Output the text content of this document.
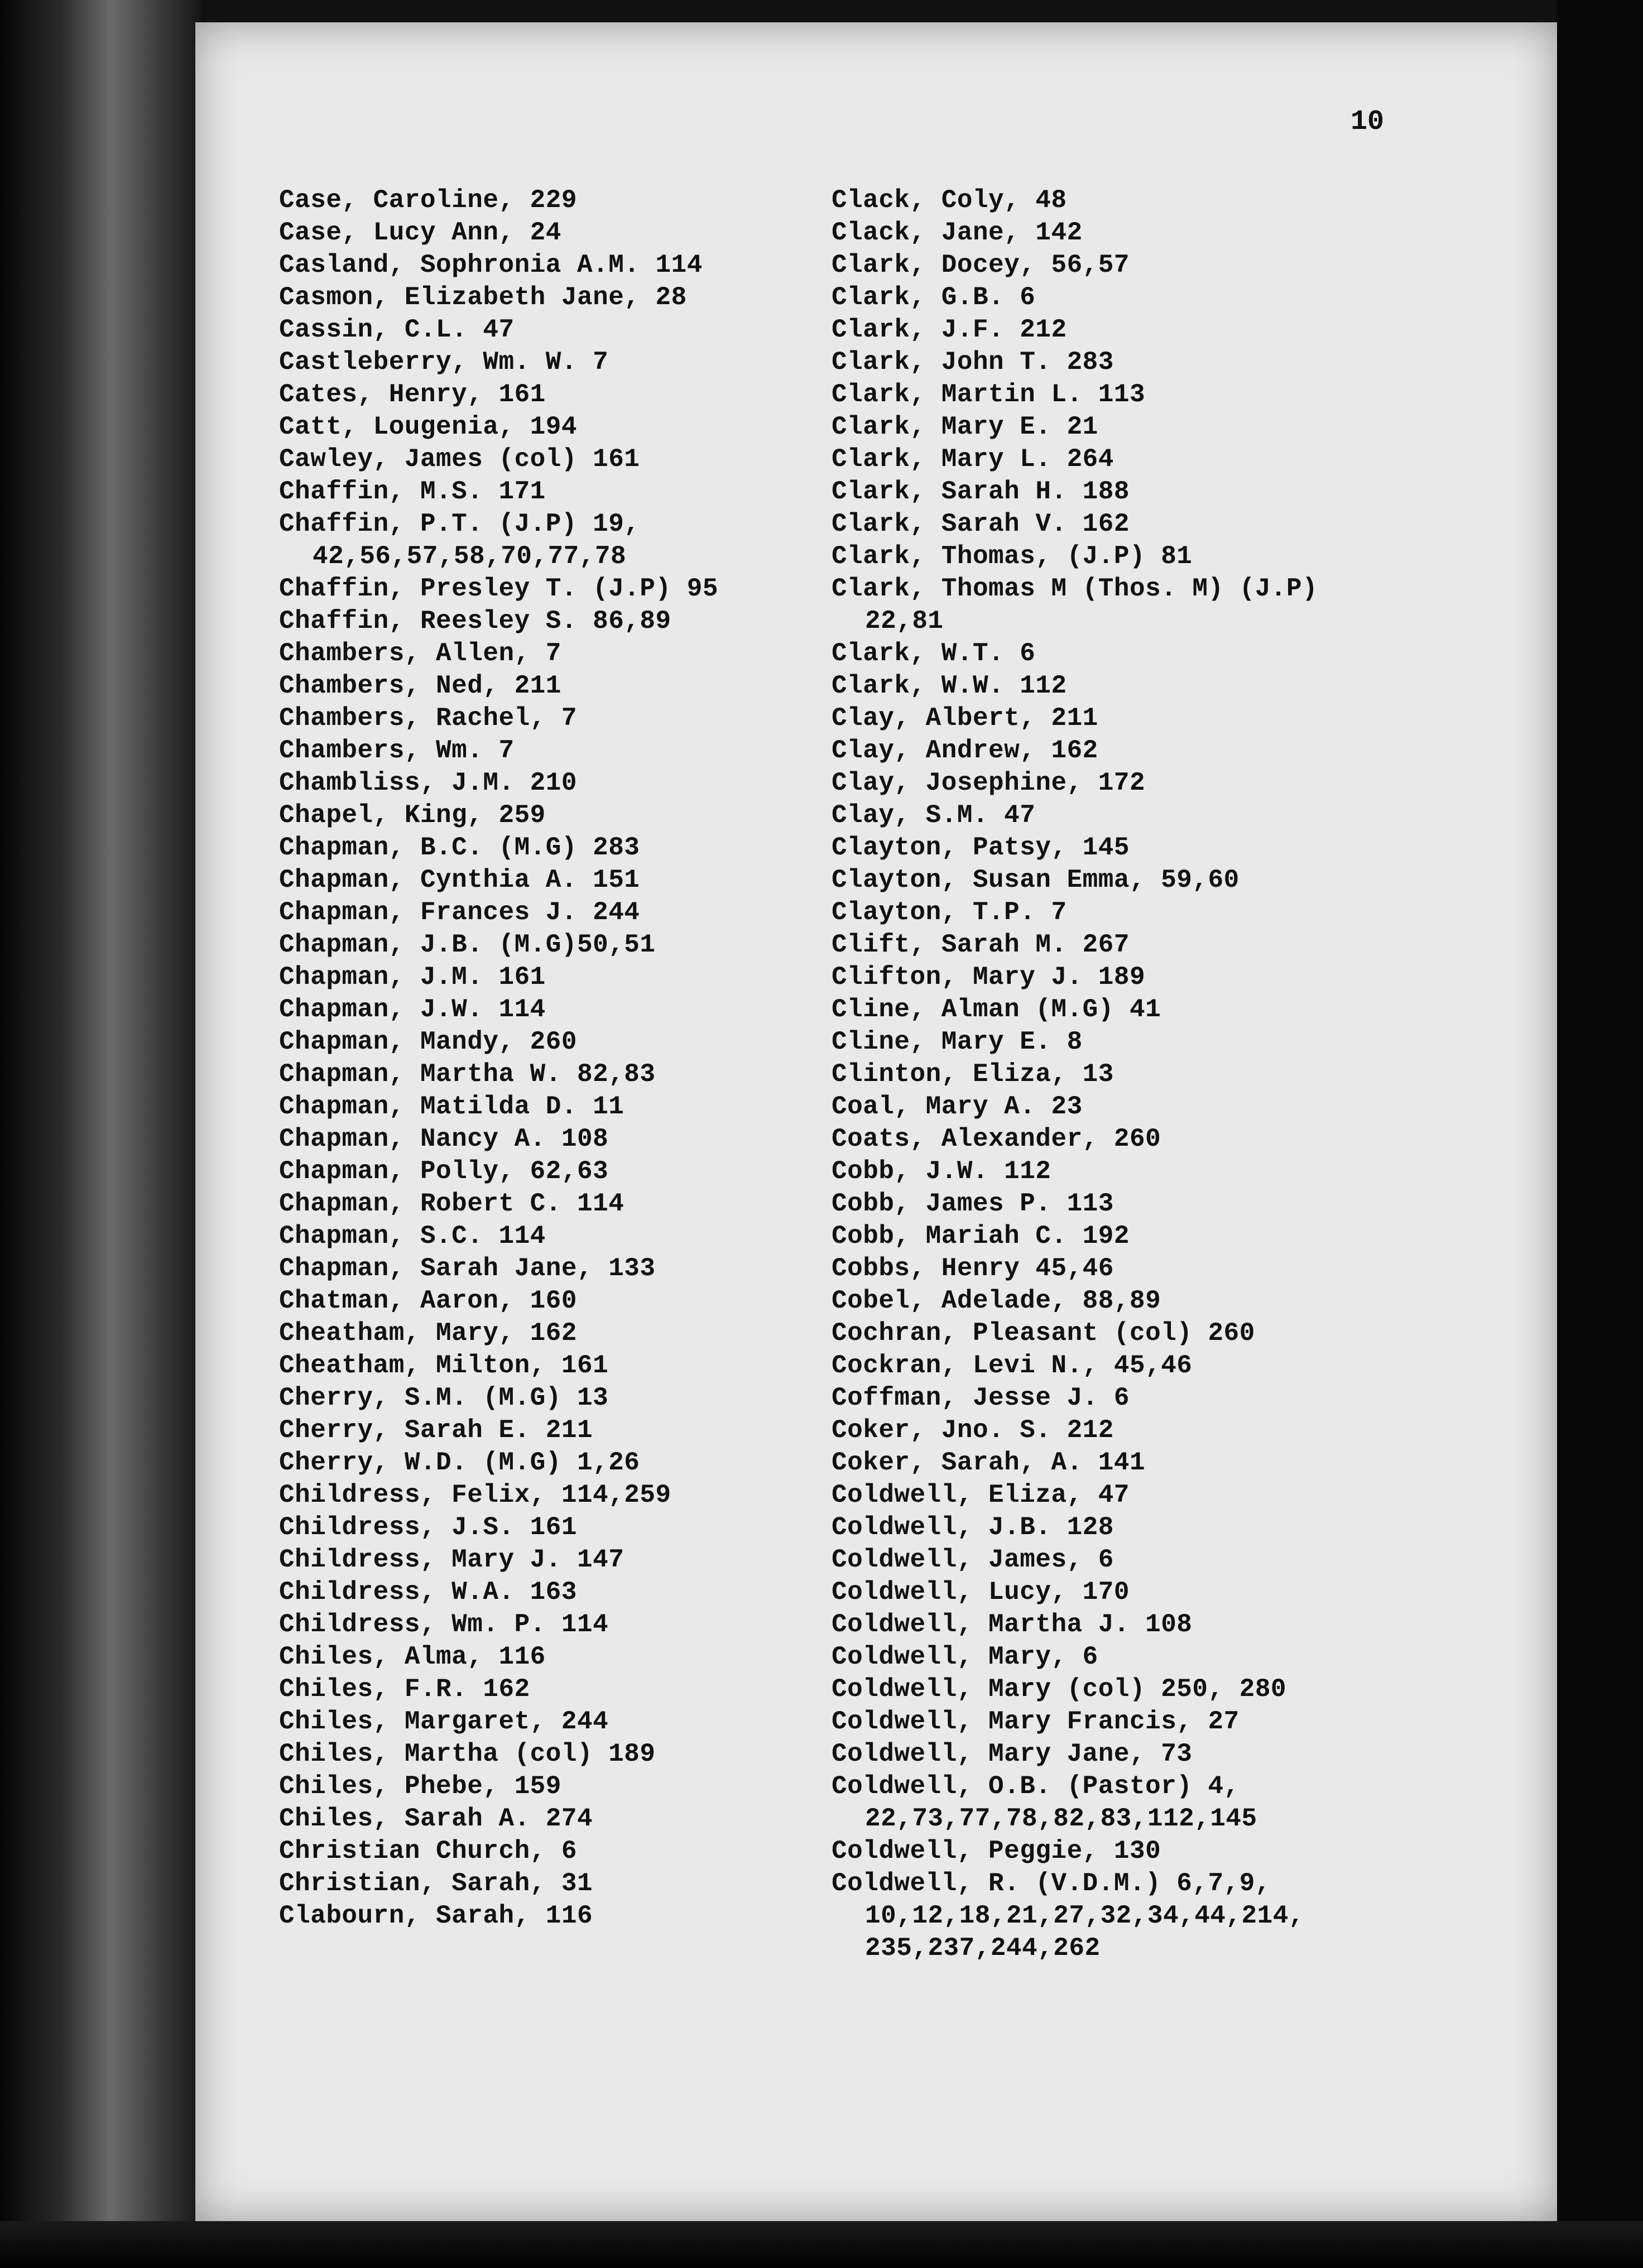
10
Case, Caroline, 229
Case, Lucy Ann, 24
Casland, Sophronia A.M. 114
Casmon, Elizabeth Jane, 28
Cassin, C.L. 47
Castleberry, Wm. W. 7
Cates, Henry, 161
Catt, Lougenia, 194
Cawley, James (col) 161
Chaffin, M.S. 171
Chaffin, P.T. (J.P) 19, 42,56,57,58,70,77,78
Chaffin, Presley T. (J.P) 95
Chaffin, Reesley S. 86,89
Chambers, Allen, 7
Chambers, Ned, 211
Chambers, Rachel, 7
Chambers, Wm. 7
Chambliss, J.M. 210
Chapel, King, 259
Chapman, B.C. (M.G) 283
Chapman, Cynthia A. 151
Chapman, Frances J. 244
Chapman, J.B. (M.G)50,51
Chapman, J.M. 161
Chapman, J.W. 114
Chapman, Mandy, 260
Chapman, Martha W. 82,83
Chapman, Matilda D. 11
Chapman, Nancy A. 108
Chapman, Polly, 62,63
Chapman, Robert C. 114
Chapman, S.C. 114
Chapman, Sarah Jane, 133
Chatman, Aaron, 160
Cheatham, Mary, 162
Cheatham, Milton, 161
Cherry, S.M. (M.G) 13
Cherry, Sarah E. 211
Cherry, W.D. (M.G) 1,26
Childress, Felix, 114,259
Childress, J.S. 161
Childress, Mary J. 147
Childress, W.A. 163
Childress, Wm. P. 114
Chiles, Alma, 116
Chiles, F.R. 162
Chiles, Margaret, 244
Chiles, Martha (col) 189
Chiles, Phebe, 159
Chiles, Sarah A. 274
Christian Church, 6
Christian, Sarah, 31
Clabourn, Sarah, 116
Clack, Coly, 48
Clack, Jane, 142
Clark, Docey, 56,57
Clark, G.B. 6
Clark, J.F. 212
Clark, John T. 283
Clark, Martin L. 113
Clark, Mary E. 21
Clark, Mary L. 264
Clark, Sarah H. 188
Clark, Sarah V. 162
Clark, Thomas, (J.P) 81
Clark, Thomas M (Thos. M) (J.P) 22,81
Clark, W.T. 6
Clark, W.W. 112
Clay, Albert, 211
Clay, Andrew, 162
Clay, Josephine, 172
Clay, S.M. 47
Clayton, Patsy, 145
Clayton, Susan Emma, 59,60
Clayton, T.P. 7
Clift, Sarah M. 267
Clifton, Mary J. 189
Cline, Alman (M.G) 41
Cline, Mary E. 8
Clinton, Eliza, 13
Coal, Mary A. 23
Coats, Alexander, 260
Cobb, J.W. 112
Cobb, James P. 113
Cobb, Mariah C. 192
Cobbs, Henry 45,46
Cobel, Adelade, 88,89
Cochran, Pleasant (col) 260
Cockran, Levi N., 45,46
Coffman, Jesse J. 6
Coker, Jno. S. 212
Coker, Sarah, A. 141
Coldwell, Eliza, 47
Coldwell, J.B. 128
Coldwell, James, 6
Coldwell, Lucy, 170
Coldwell, Martha J. 108
Coldwell, Mary, 6
Coldwell, Mary (col) 250, 280
Coldwell, Mary Francis, 27
Coldwell, Mary Jane, 73
Coldwell, O.B. (Pastor) 4, 22,73,77,78,82,83,112,145
Coldwell, Peggie, 130
Coldwell, R. (V.D.M.) 6,7,9, 10,12,18,21,27,32,34,44,214, 235,237,244,262
